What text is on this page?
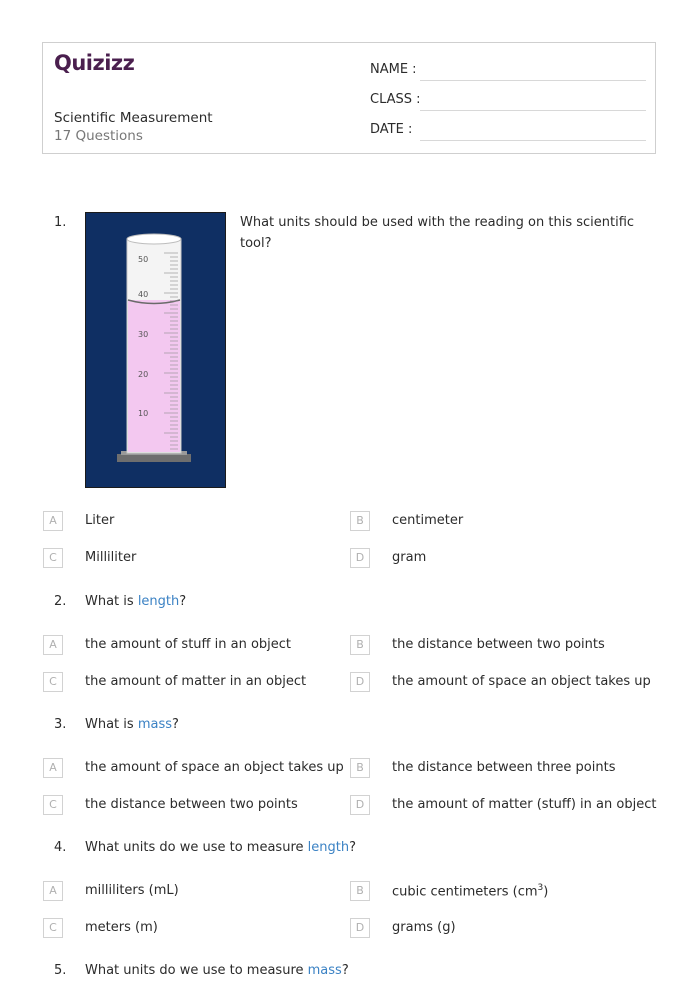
Quizizz
Scientific Measurement
17 Questions
NAME :
CLASS :
DATE :
1.
50
40
30
20
10
What units should be used with the reading on this scientific tool?
A	Liter	B	centimeter
C	Milliliter	D	gram
2. What is length?
A	the amount of stuff in an object	B	the distance between two points
C	the amount of matter in an object	D	the amount of space an object takes up
3. What is mass?
A	the amount of space an object takes up	B	the distance between three points
C	the distance between two points	D	the amount of matter (stuff) in an object
4. What units do we use to measure length?
A	milliliters (mL)	B	cubic centimeters $(cm^3)$
C	meters (m)	D	grams (g)
5. What units do we use to measure mass?
